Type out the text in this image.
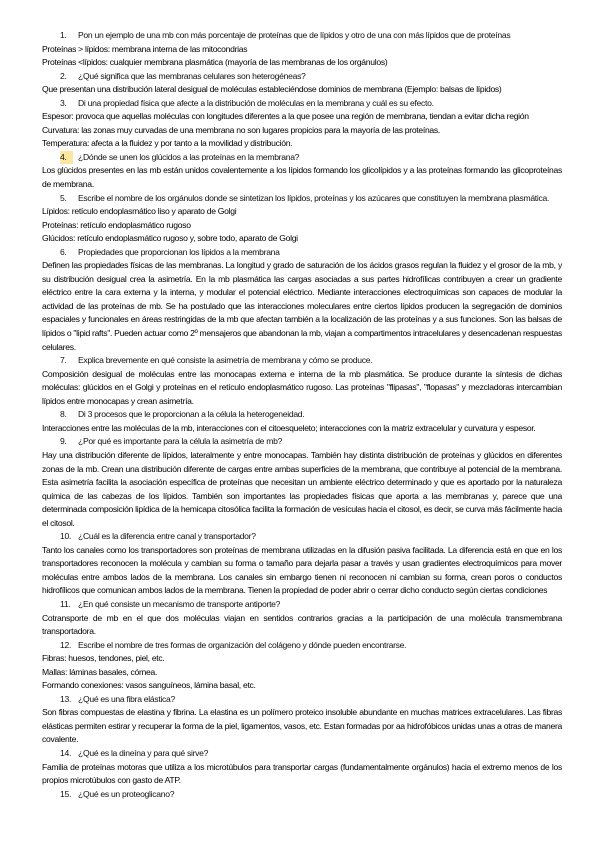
1. Pon un ejemplo de una mb con más porcentaje de proteínas que de lípidos y otro de una con más lípidos que de proteínas

Proteínas > lípidos: membrana interna de las mitocondrias

Proteínas <lípidos: cualquier membrana plasmática (mayoría de las membranas de los orgánulos)

2. ¿Qué significa que las membranas celulares son heterogéneas?

Que presentan una distribución lateral desigual de moléculas estableciéndose dominios de membrana (Ejemplo: balsas de lípidos)

3. Di una propiedad física que afecte a la distribución de moléculas en la membrana y cuál es su efecto.

Espesor: provoca que aquellas moléculas con longitudes diferentes a la que posee una región de membrana, tiendan a evitar dicha región

Curvatura: las zonas muy curvadas de una membrana no son lugares propicios para la mayoría de las proteínas.

Temperatura: afecta a la fluidez y por tanto a la movilidad y distribución.

4.	¿Dónde se unen los glúcidos a las proteínas en la membrana?

Los glúcidos presentes en las mb están unidos covalentemente a los lípidos formando los glicolípidos y a las proteínas formando las glicoproteínas de membrana.

5. Escribe el nombre de los orgánulos donde se sintetizan los lípidos, proteínas y los azúcares que constituyen la membrana plasmática.

Lípidos: retículo endoplasmático liso y aparato de Golgi

Proteínas: retículo endoplasmático rugoso

Glúcidos: retículo endoplasmático rugoso y, sobre todo, aparato de Golgi

6. Propiedades que proporcionan los lípidos a la membrana

Definen las propiedades físicas de las membranas. La longitud y grado de saturación de los ácidos grasos regulan la fluidez y el grosor de la mb, y su distribución desigual crea la asimetría. En la mb plasmática las cargas asociadas a sus partes hidrofílicas contribuyen a crear un gradiente eléctrico entre la cara externa y la interna, y modular el potencial eléctrico. Mediante interacciones electroquímicas son capaces de modular la actividad de las proteínas de mb. Se ha postulado que las interacciones moleculares entre ciertos lípidos producen la segregación de dominios espaciales y funcionales en áreas restringidas de la mb que afectan también a la localización de las proteínas y a sus funciones. Son las balsas de lípidos o "lipid rafts". Pueden actuar como 2º mensajeros que abandonan la mb, viajan a compartimentos intracelulares y desencadenan respuestas celulares.

7. Explica brevemente en qué consiste la asimetría de membrana y cómo se produce.

Composición desigual de moléculas entre las monocapas externa e interna de la mb plasmática. Se produce durante la síntesis de dichas moléculas: glúcidos en el Golgi y proteínas en el retículo endoplasmático rugoso. Las proteínas "flipasas", "flopasas" y mezcladoras intercambian lípidos entre monocapas y crean asimetría.

8. Di 3 procesos que le proporcionan a la célula la heterogeneidad.

Interacciones entre las moléculas de la mb, interacciones con el citoesqueleto; interacciones con la matriz extracelular y curvatura y espesor.

9. ¿Por qué es importante para la célula la asimetría de mb?

Hay una distribución diferente de lípidos, lateralmente y entre monocapas. También hay distinta distribución de proteínas y glúcidos en diferentes zonas de la mb. Crean una distribución diferente de cargas entre ambas superficies de la membrana, que contribuye al potencial de la membrana. Esta asimetría facilita la asociación específica de proteínas que necesitan un ambiente eléctrico determinado y que es aportado por la naturaleza química de las cabezas de los lípidos. También son importantes las propiedades físicas que aporta a las membranas y, parece que una determinada composición lipídica de la hemicapa citosólica facilita la formación de vesículas hacia el citosol, es decir, se curva más fácilmente hacia el citosol.

10. ¿Cuál es la diferencia entre canal y transportador?

Tanto los canales como los transportadores son proteínas de membrana utilizadas en la difusión pasiva facilitada. La diferencia está en que en los transportadores reconocen la molécula y cambian su forma o tamaño para dejarla pasar a través y usan gradientes electroquímicos para mover moléculas entre ambos lados de la membrana. Los canales sin embargo tienen ni reconocen ni cambian su forma, crean poros o conductos hidrofílicos que comunican ambos lados de la membrana. Tienen la propiedad de poder abrir o cerrar dicho conducto según ciertas condiciones

11. ¿En qué consiste un mecanismo de transporte antiporte?

Cotransporte de mb en el que dos moléculas viajan en sentidos contrarios gracias a la participación de una molécula transmembrana transportadora.

12. Escribe el nombre de tres formas de organización del colágeno y dónde pueden encontrarse.

Fibras: huesos, tendones, piel, etc.

Mallas: láminas basales, córnea.

Formando conexiones: vasos sanguíneos, lámina basal, etc.

13. ¿Qué es una fibra elástica?

Son fibras compuestas de elastina y fibrina. La elastina es un polímero proteico insoluble abundante en muchas matrices extracelulares. Las fibras elásticas permiten estirar y recuperar la forma de la piel, ligamentos, vasos, etc. Estan formadas por aa hidrofóbicos unidas unas a otras de manera covalente.

14. ¿Qué es la dineína y para qué sirve?

Familia de proteínas motoras que utiliza a los microtúbulos para transportar cargas (fundamentalmente orgánulos) hacia el extremo menos de los propios microtúbulos con gasto de ATP.

15. ¿Qué es un proteoglicano?
